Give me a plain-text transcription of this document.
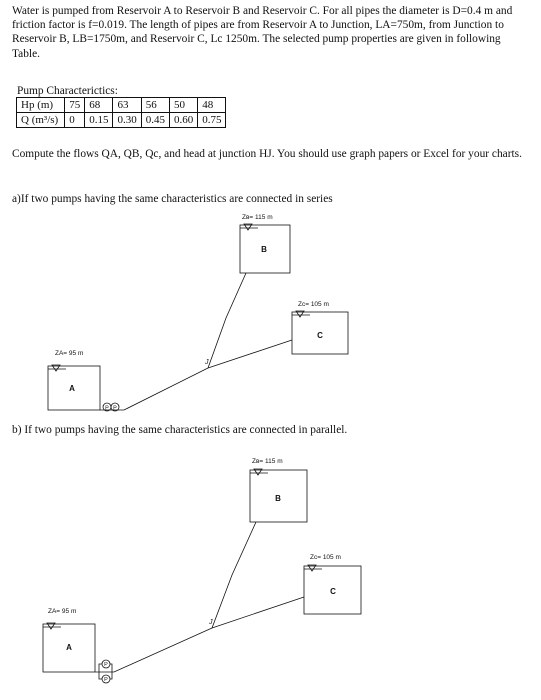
Water is pumped from Reservoir A to Reservoir B and Reservoir C. For all pipes the diameter is D=0.4 m and friction factor is f=0.019. The length of pipes are from Reservoir A to Junction, LA=750m, from Junction to Reservoir B, LB=1750m, and Reservoir C, Lc 1250m. The selected pump properties are given in following Table.
Pump Characterictics:
Hp (m)	75	68	63	56	50	48
Q (m³/s)	0	0.15	0.30	0.45	0.60	0.75
Compute the flows QA, QB, Qc, and head at junction HJ. You should use graph papers or Excel for your charts.
a)If two pumps having the same characteristics are connected in series
b) If two pumps having the same characteristics are connected in parallel.
Zʙ= 115 m
B
Zc= 105 m
C
ZA= 95 m
A
J
P P
Zʙ= 115 m
B
Zc= 105 m
C
ZA= 95 m
A
J
P
P
